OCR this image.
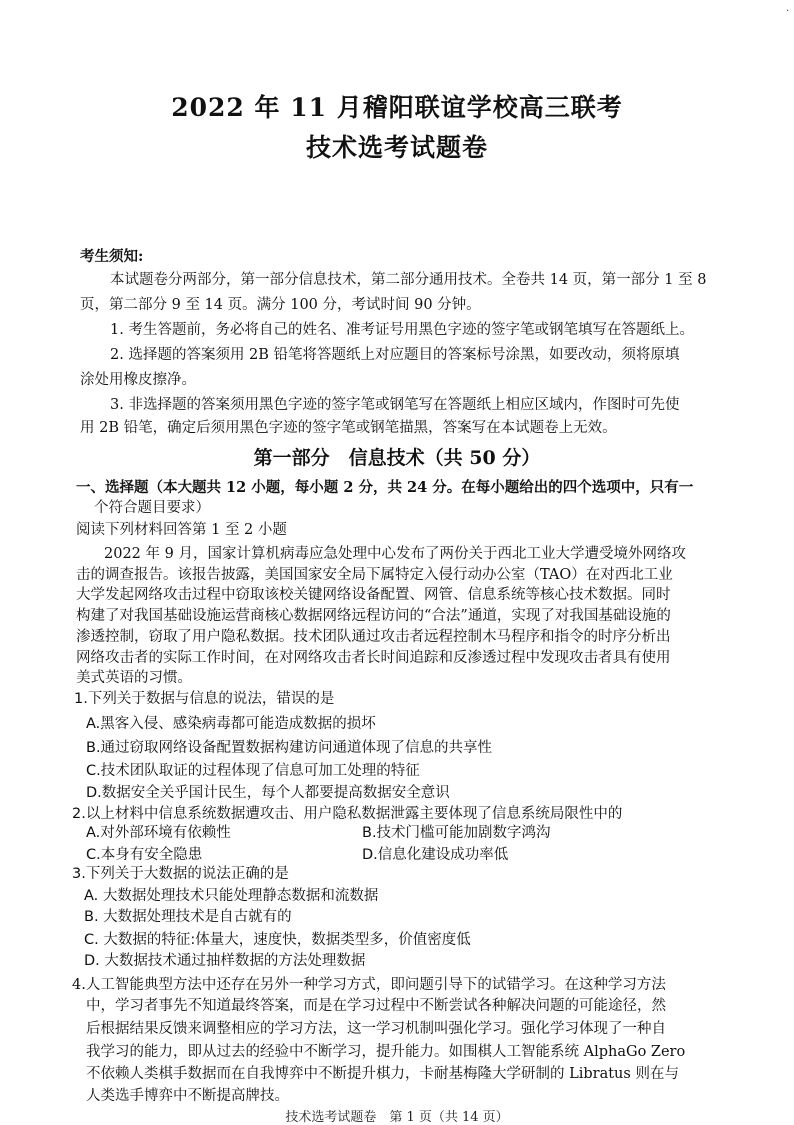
·
2022 年 11 月稽阳联谊学校高三联考
技术选考试题卷
考生须知:
本试题卷分两部分，第一部分信息技术，第二部分通用技术。全卷共 14 页，第一部分 1 至 8
页，第二部分 9 至 14 页。满分 100 分，考试时间 90 分钟。
1. 考生答题前，务必将自己的姓名、准考证号用黑色字迹的签字笔或钢笔填写在答题纸上。
2. 选择题的答案须用 2B 铅笔将答题纸上对应题目的答案标号涂黑，如要改动，须将原填
涂处用橡皮擦净。
3. 非选择题的答案须用黑色字迹的签字笔或钢笔写在答题纸上相应区域内，作图时可先使
用 2B 铅笔，确定后须用黑色字迹的签字笔或钢笔描黑，答案写在本试题卷上无效。
第一部分　信息技术（共 50 分）
一、选择题（本大题共 12 小题，每小题 2 分，共 24 分。在每小题给出的四个选项中，只有一
个符合题目要求）
阅读下列材料回答第 1 至 2 小题
2022 年 9 月，国家计算机病毒应急处理中心发布了两份关于西北工业大学遭受境外网络攻
击的调查报告。该报告披露，美国国家安全局下属特定入侵行动办公室（TAO）在对西北工业
大学发起网络攻击过程中窃取该校关键网络设备配置、网管、信息系统等核心技术数据。同时
构建了对我国基础设施运营商核心数据网络远程访问的“合法”通道，实现了对我国基础设施的
渗透控制，窃取了用户隐私数据。技术团队通过攻击者远程控制木马程序和指令的时序分析出
网络攻击者的实际工作时间，在对网络攻击者长时间追踪和反渗透过程中发现攻击者具有使用
美式英语的习惯。
1.下列关于数据与信息的说法，错误的是
A.黑客入侵、感染病毒都可能造成数据的损坏
B.通过窃取网络设备配置数据构建访问通道体现了信息的共享性
C.技术团队取证的过程体现了信息可加工处理的特征
D.数据安全关乎国计民生，每个人都要提高数据安全意识
2.以上材料中信息系统数据遭攻击、用户隐私数据泄露主要体现了信息系统局限性中的
A.对外部环境有依赖性	B.技术门槛可能加剧数字鸿沟
C.本身有安全隐患	D.信息化建设成功率低
3.下列关于大数据的说法正确的是
A. 大数据处理技术只能处理静态数据和流数据
B. 大数据处理技术是自古就有的
C. 大数据的特征:体量大，速度快，数据类型多，价值密度低
D. 大数据技术通过抽样数据的方法处理数据
4.人工智能典型方法中还存在另外一种学习方式，即问题引导下的试错学习。在这种学习方法
中，学习者事先不知道最终答案，而是在学习过程中不断尝试各种解决问题的可能途径，然
后根据结果反馈来调整相应的学习方法，这一学习机制叫强化学习。强化学习体现了一种自
我学习的能力，即从过去的经验中不断学习，提升能力。如围棋人工智能系统 AlphaGo Zero
不依赖人类棋手数据而在自我博弈中不断提升棋力，卡耐基梅隆大学研制的 Libratus 则在与
人类选手博弈中不断提高牌技。
技术选考试题卷　第 1 页（共 14 页）
